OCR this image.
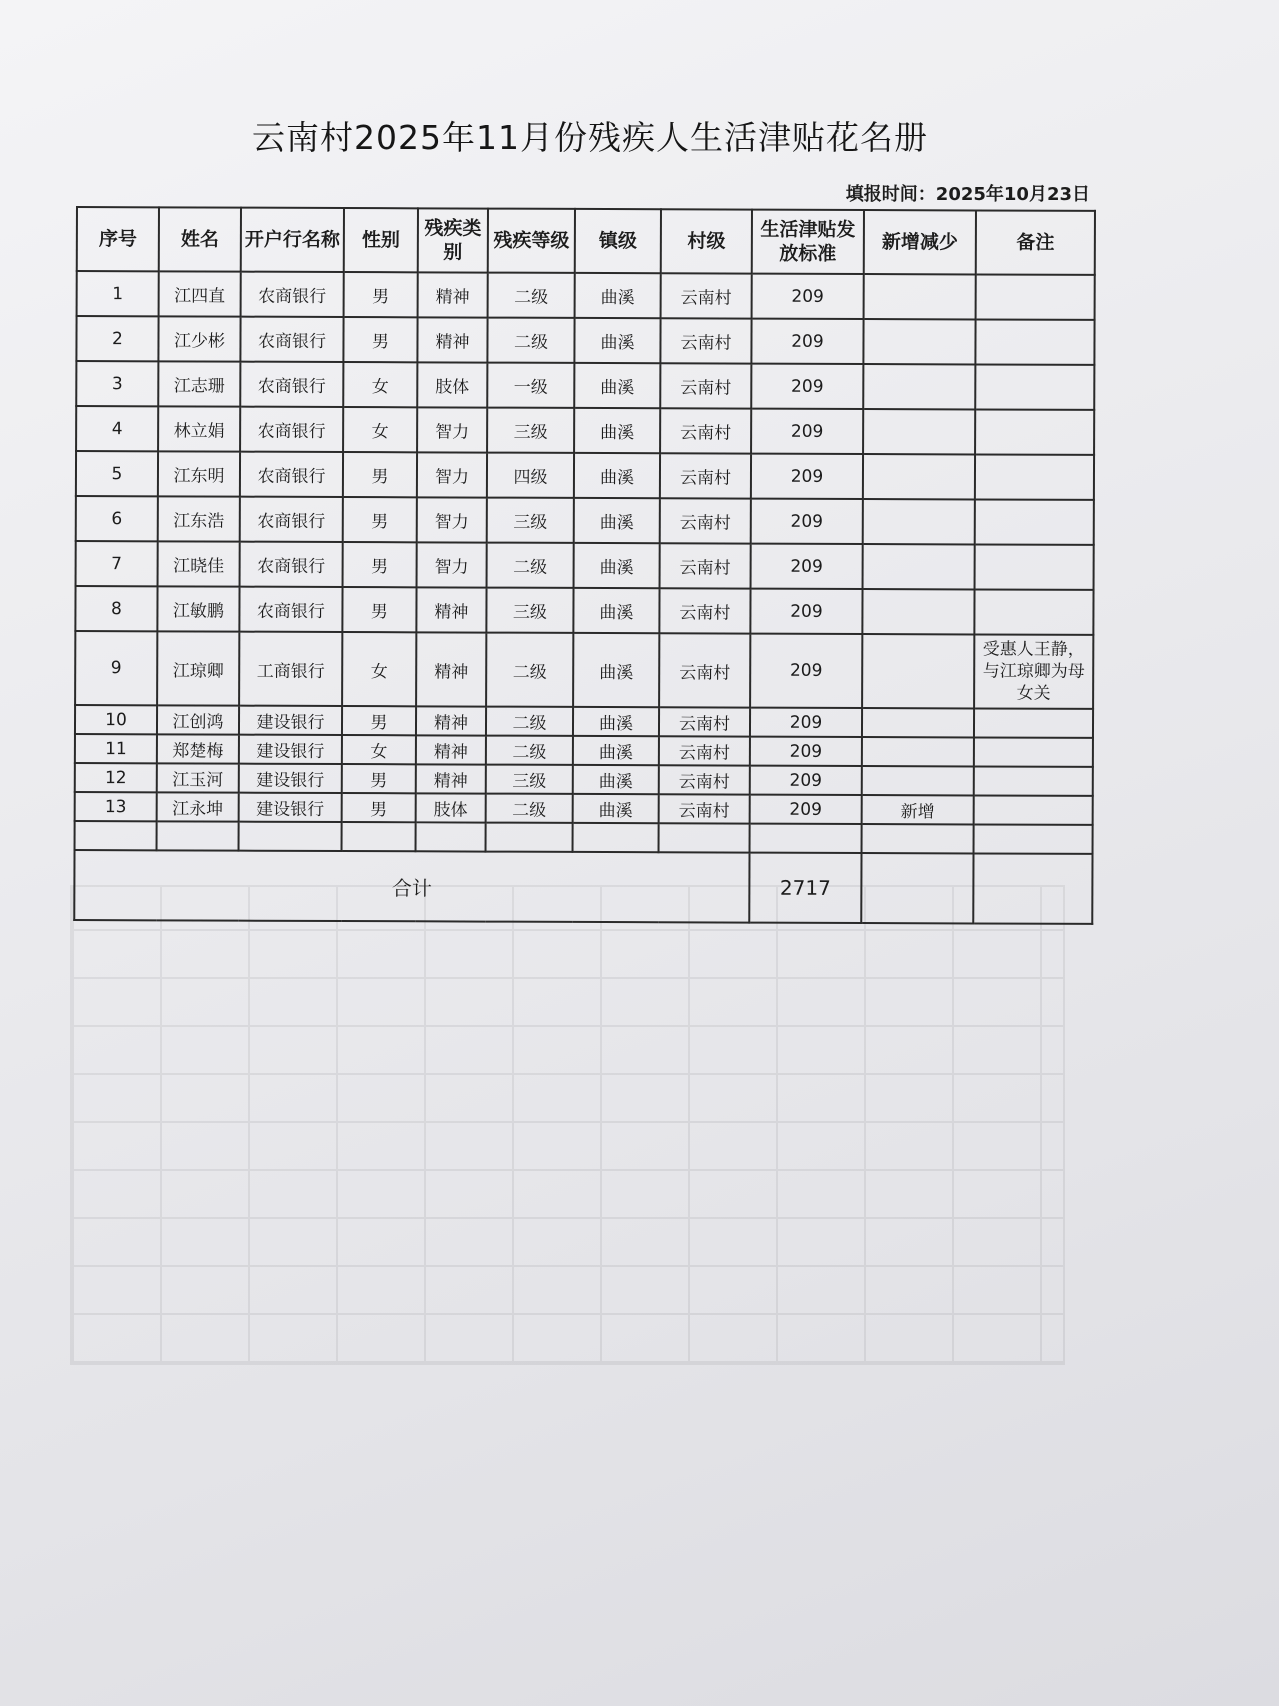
云南村2025年11月份残疾人生活津贴花名册
填报时间：2025年10月23日
序号	姓名	开户行名称	性别	残疾类别	残疾等级	镇级	村级	生活津贴发放标准	新增减少	备注
1	江四直	农商银行	男	精神	二级	曲溪	云南村	209		
2	江少彬	农商银行	男	精神	二级	曲溪	云南村	209		
3	江志珊	农商银行	女	肢体	一级	曲溪	云南村	209		
4	林立娟	农商银行	女	智力	三级	曲溪	云南村	209		
5	江东明	农商银行	男	智力	四级	曲溪	云南村	209		
6	江东浩	农商银行	男	智力	三级	曲溪	云南村	209		
7	江晓佳	农商银行	男	智力	二级	曲溪	云南村	209		
8	江敏鹏	农商银行	男	精神	三级	曲溪	云南村	209		
9	江琼卿	工商银行	女	精神	二级	曲溪	云南村	209		受惠人王静，与江琼卿为母女关
10	江创鸿	建设银行	男	精神	二级	曲溪	云南村	209		
11	郑楚梅	建设银行	女	精神	二级	曲溪	云南村	209		
12	江玉河	建设银行	男	精神	三级	曲溪	云南村	209		
13	江永坤	建设银行	男	肢体	二级	曲溪	云南村	209	新增	

合计								2717		
